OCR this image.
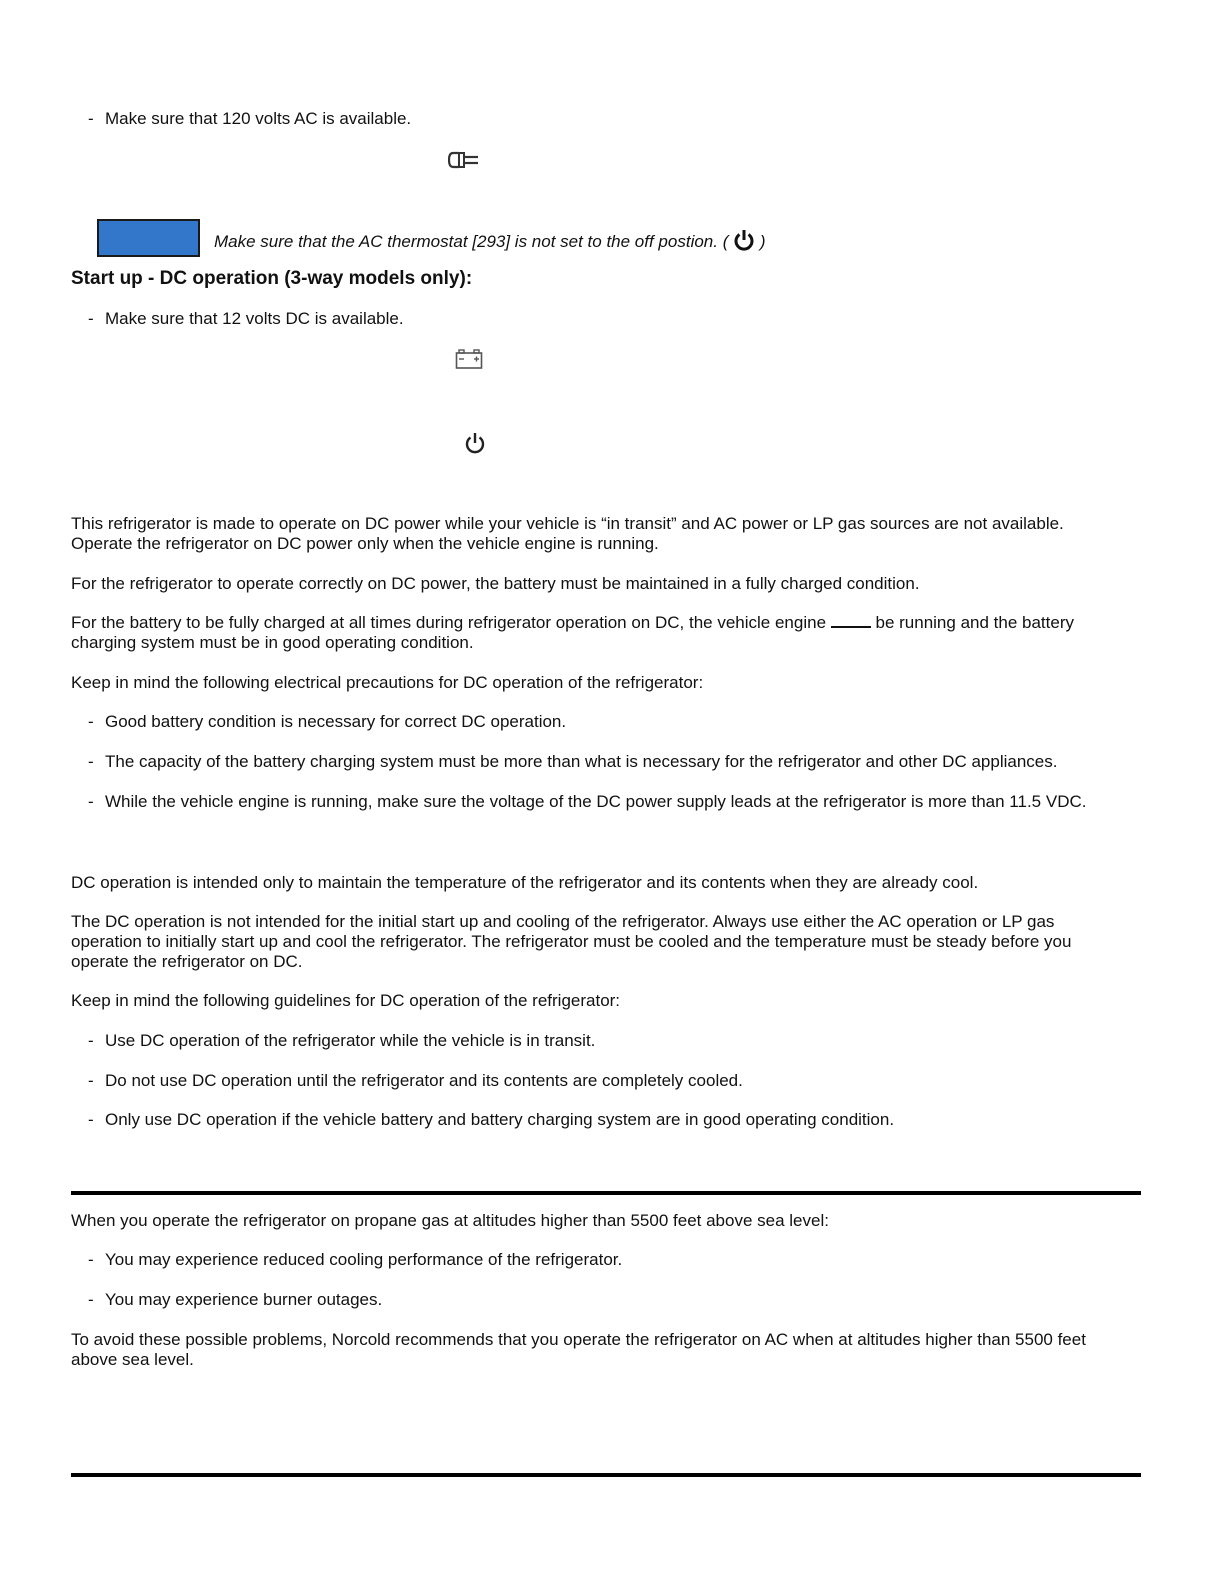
- Make sure that 120 volts AC is available.
Make sure that the AC thermostat [293] is not set to the off postion. ( )
Start up - DC operation (3-way models only):
- Make sure that 12 volts DC is available.
This refrigerator is made to operate on DC power while your vehicle is “in transit” and AC power or LP gas sources are not available.
Operate the refrigerator on DC power only when the vehicle engine is running.
For the refrigerator to operate correctly on DC power, the battery must be maintained in a fully charged condition.
For the battery to be fully charged at all times during refrigerator operation on DC, the vehicle engine	be running and the battery
charging system must be in good operating condition.
Keep in mind the following electrical precautions for DC operation of the refrigerator:
- Good battery condition is necessary for correct DC operation.
- The capacity of the battery charging system must be more than what is necessary for the refrigerator and other DC appliances.
- While the vehicle engine is running, make sure the voltage of the DC power supply leads at the refrigerator is more than 11.5 VDC.
DC operation is intended only to maintain the temperature of the refrigerator and its contents when they are already cool.
The DC operation is not intended for the initial start up and cooling of the refrigerator. Always use either the AC operation or LP gas
operation to initially start up and cool the refrigerator. The refrigerator must be cooled and the temperature must be steady before you
operate the refrigerator on DC.
Keep in mind the following guidelines for DC operation of the refrigerator:
- Use DC operation of the refrigerator while the vehicle is in transit.
- Do not use DC operation until the refrigerator and its contents are completely cooled.
- Only use DC operation if the vehicle battery and battery charging system are in good operating condition.
When you operate the refrigerator on propane gas at altitudes higher than 5500 feet above sea level:
- You may experience reduced cooling performance of the refrigerator.
- You may experience burner outages.
To avoid these possible problems, Norcold recommends that you operate the refrigerator on AC when at altitudes higher than 5500 feet
above sea level.
